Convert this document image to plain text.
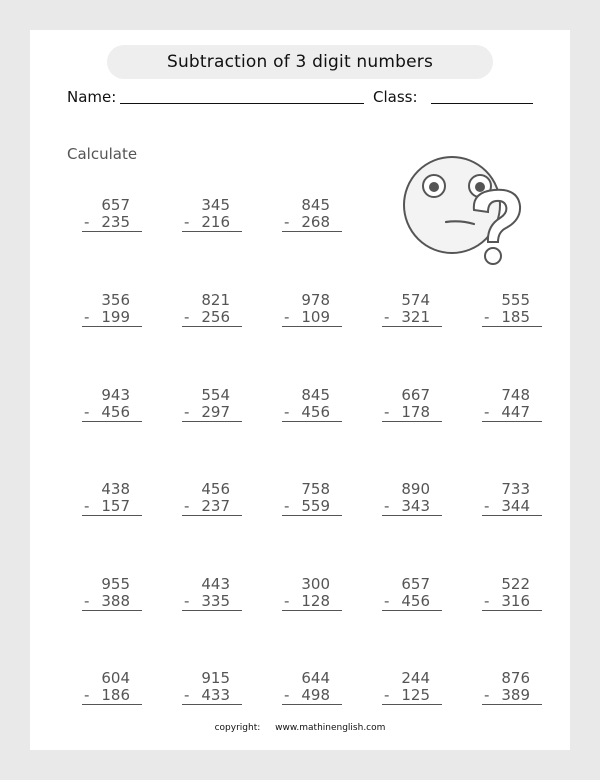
Subtraction of 3 digit numbers
Name:	Class:
Calculate
657
- 235
345
- 216
845
- 268
356
- 199
821
- 256
978
- 109
574
- 321
555
- 185
943
- 456
554
- 297
845
- 456
667
- 178
748
- 447
438
- 157
456
- 237
758
- 559
890
- 343
733
- 344
955
- 388
443
- 335
300
- 128
657
- 456
522
- 316
604
- 186
915
- 433
644
- 498
244
- 125
876
- 389
copyright: www.mathinenglish.com
